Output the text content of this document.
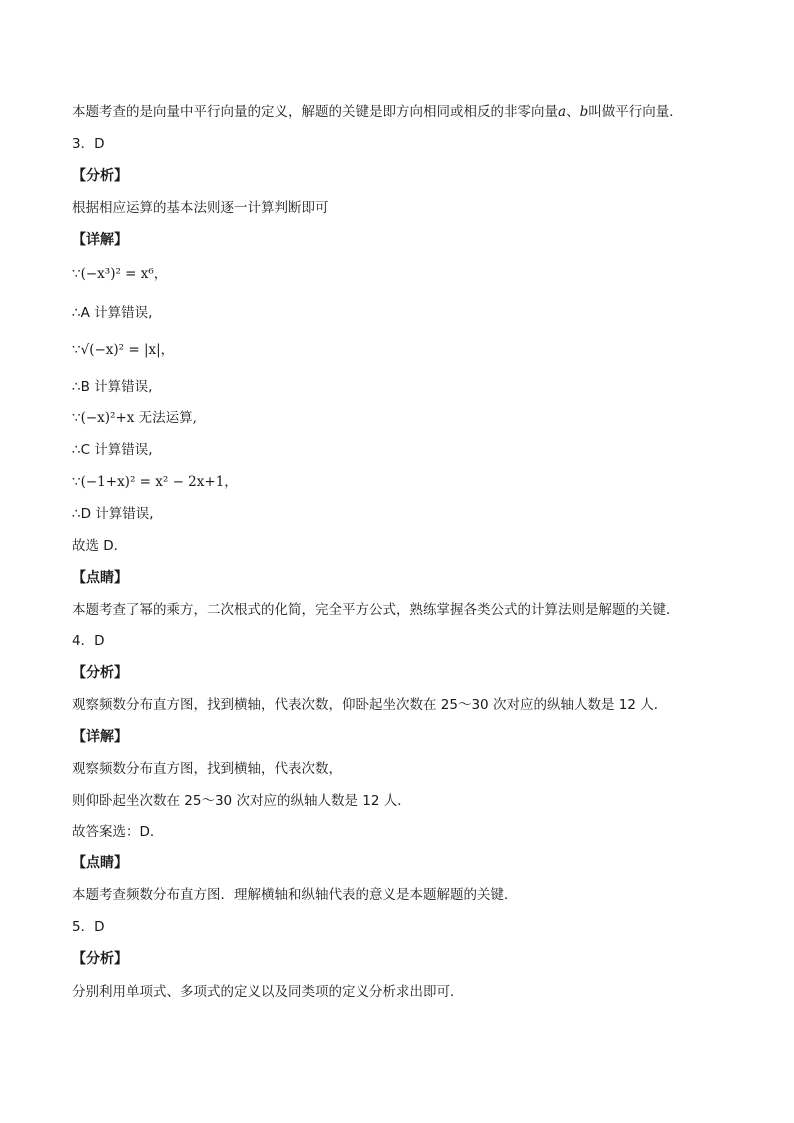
本题考查的是向量中平行向量的定义，解题的关键是即方向相同或相反的非零向量a、b叫做平行向量．
3．D
【分析】
根据相应运算的基本法则逐一计算判断即可
【详解】
∵(−x³)² = x⁶，
∴A 计算错误,
∵√(−x)² = |x|，
∴B 计算错误,
∵(−x)²+x 无法运算,
∴C 计算错误,
∵(−1+x)² = x² − 2x+1，
∴D 计算错误,
故选 D．
【点睛】
本题考查了幂的乘方，二次根式的化简，完全平方公式，熟练掌握各类公式的计算法则是解题的关键．
4．D
【分析】
观察频数分布直方图，找到横轴，代表次数，仰卧起坐次数在 25～30 次对应的纵轴人数是 12 人．
【详解】
观察频数分布直方图，找到横轴，代表次数，
则仰卧起坐次数在 25～30 次对应的纵轴人数是 12 人．
故答案选：D．
【点睛】
本题考查频数分布直方图．理解横轴和纵轴代表的意义是本题解题的关键．
5．D
【分析】
分别利用单项式、多项式的定义以及同类项的定义分析求出即可．
